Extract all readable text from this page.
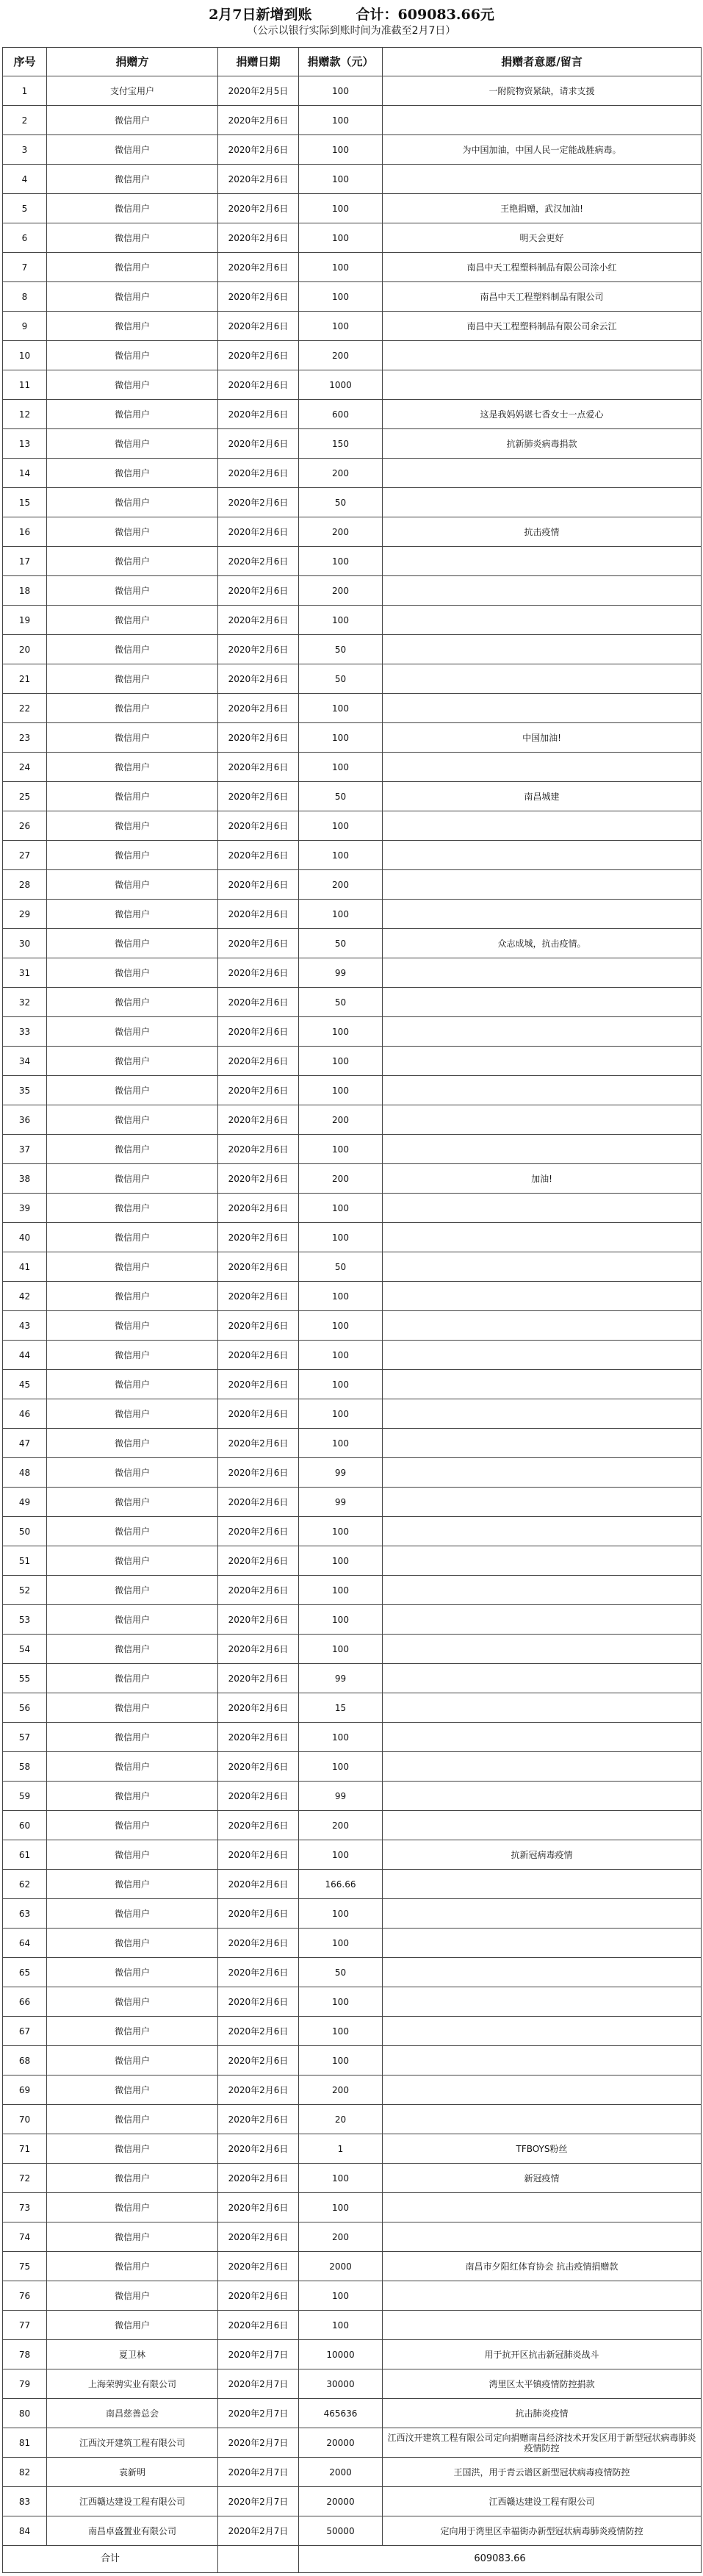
2月7日新增到账	合计：609083.66元
（公示以银行实际到账时间为准截至2月7日）
序号	捐赠方	捐赠日期	捐赠款（元）	捐赠者意愿/留言
1	支付宝用户	2020年2月5日	100	一附院物资紧缺，请求支援
2	微信用户	2020年2月6日	100	
3	微信用户	2020年2月6日	100	为中国加油，中国人民一定能战胜病毒。
4	微信用户	2020年2月6日	100	
5	微信用户	2020年2月6日	100	王艳捐赠，武汉加油!
6	微信用户	2020年2月6日	100	明天会更好
7	微信用户	2020年2月6日	100	南昌中天工程塑料制品有限公司涂小红
8	微信用户	2020年2月6日	100	南昌中天工程塑料制品有限公司
9	微信用户	2020年2月6日	100	南昌中天工程塑料制品有限公司余云江
10	微信用户	2020年2月6日	200	
11	微信用户	2020年2月6日	1000	
12	微信用户	2020年2月6日	600	这是我妈妈谌七香女士一点爱心
13	微信用户	2020年2月6日	150	抗新肺炎病毒捐款
14	微信用户	2020年2月6日	200	
15	微信用户	2020年2月6日	50	
16	微信用户	2020年2月6日	200	抗击疫情
17	微信用户	2020年2月6日	100	
18	微信用户	2020年2月6日	200	
19	微信用户	2020年2月6日	100	
20	微信用户	2020年2月6日	50	
21	微信用户	2020年2月6日	50	
22	微信用户	2020年2月6日	100	
23	微信用户	2020年2月6日	100	中国加油!
24	微信用户	2020年2月6日	100	
25	微信用户	2020年2月6日	50	南昌城建
26	微信用户	2020年2月6日	100	
27	微信用户	2020年2月6日	100	
28	微信用户	2020年2月6日	200	
29	微信用户	2020年2月6日	100	
30	微信用户	2020年2月6日	50	众志成城，抗击疫情。
31	微信用户	2020年2月6日	99	
32	微信用户	2020年2月6日	50	
33	微信用户	2020年2月6日	100	
34	微信用户	2020年2月6日	100	
35	微信用户	2020年2月6日	100	
36	微信用户	2020年2月6日	200	
37	微信用户	2020年2月6日	100	
38	微信用户	2020年2月6日	200	加油!
39	微信用户	2020年2月6日	100	
40	微信用户	2020年2月6日	100	
41	微信用户	2020年2月6日	50	
42	微信用户	2020年2月6日	100	
43	微信用户	2020年2月6日	100	
44	微信用户	2020年2月6日	100	
45	微信用户	2020年2月6日	100	
46	微信用户	2020年2月6日	100	
47	微信用户	2020年2月6日	100	
48	微信用户	2020年2月6日	99	
49	微信用户	2020年2月6日	99	
50	微信用户	2020年2月6日	100	
51	微信用户	2020年2月6日	100	
52	微信用户	2020年2月6日	100	
53	微信用户	2020年2月6日	100	
54	微信用户	2020年2月6日	100	
55	微信用户	2020年2月6日	99	
56	微信用户	2020年2月6日	15	
57	微信用户	2020年2月6日	100	
58	微信用户	2020年2月6日	100	
59	微信用户	2020年2月6日	99	
60	微信用户	2020年2月6日	200	
61	微信用户	2020年2月6日	100	抗新冠病毒疫情
62	微信用户	2020年2月6日	166.66	
63	微信用户	2020年2月6日	100	
64	微信用户	2020年2月6日	100	
65	微信用户	2020年2月6日	50	
66	微信用户	2020年2月6日	100	
67	微信用户	2020年2月6日	100	
68	微信用户	2020年2月6日	100	
69	微信用户	2020年2月6日	200	
70	微信用户	2020年2月6日	20	
71	微信用户	2020年2月6日	1	TFBOYS粉丝
72	微信用户	2020年2月6日	100	新冠疫情
73	微信用户	2020年2月6日	100	
74	微信用户	2020年2月6日	200	
75	微信用户	2020年2月6日	2000	南昌市夕阳红体育协会 抗击疫情捐赠款
76	微信用户	2020年2月6日	100	
77	微信用户	2020年2月6日	100	
78	夏卫林	2020年2月7日	10000	用于抗开区抗击新冠肺炎战斗
79	上海荣骋实业有限公司	2020年2月7日	30000	湾里区太平镇疫情防控捐款
80	南昌慈善总会	2020年2月7日	465636	抗击肺炎疫情
81	江西汶开建筑工程有限公司	2020年2月7日	20000	江西汶开建筑工程有限公司定向捐赠南昌经济技术开发区用于新型冠状病毒肺炎疫情防控
82	袁新明	2020年2月7日	2000	王国洪，用于青云谱区新型冠状病毒疫情防控
83	江西赣达建设工程有限公司	2020年2月7日	20000	江西赣达建设工程有限公司
84	南昌卓盛置业有限公司	2020年2月7日	50000	定向用于湾里区幸福街办新型冠状病毒肺炎疫情防控
合计			609083.66	
